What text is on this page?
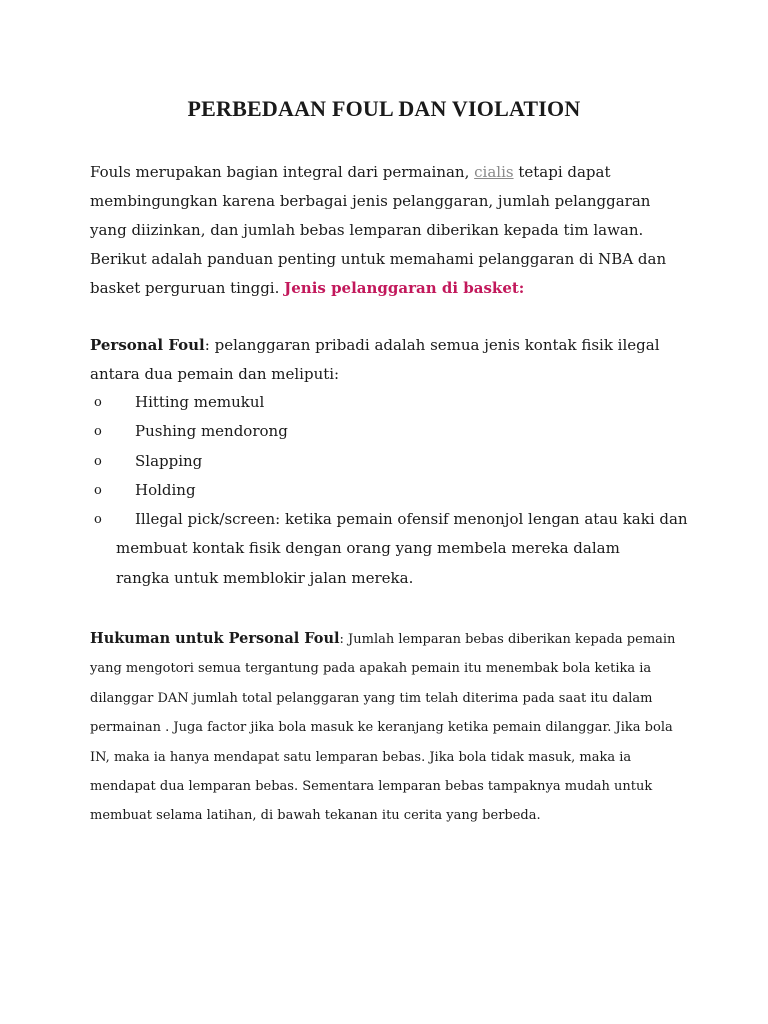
PERBEDAAN FOUL DAN VIOLATION

Fouls merupakan bagian integral dari permainan, cialis tetapi dapat membingungkan karena berbagai jenis pelanggaran, jumlah pelanggaran yang diizinkan, dan jumlah bebas lemparan diberikan kepada tim lawan. Berikut adalah panduan penting untuk memahami pelanggaran di NBA dan basket perguruan tinggi. Jenis pelanggaran di basket:

Personal Foul: pelanggaran pribadi adalah semua jenis kontak fisik ilegal antara dua pemain dan meliputi:

o Hitting memukul
o Pushing mendorong
o Slapping
o Holding
o Illegal pick/screen: ketika pemain ofensif menonjol lengan atau kaki dan

membuat kontak fisik dengan orang yang membela mereka dalam rangka untuk memblokir jalan mereka.

Hukuman untuk Personal Foul: Jumlah lemparan bebas diberikan kepada pemain yang mengotori semua tergantung pada apakah pemain itu menembak bola ketika ia dilanggar DAN jumlah total pelanggaran yang tim telah diterima pada saat itu dalam permainan . Juga factor jika bola masuk ke keranjang ketika pemain dilanggar. Jika bola IN, maka ia hanya mendapat satu lemparan bebas. Jika bola tidak masuk, maka ia mendapat dua lemparan bebas. Sementara lemparan bebas tampaknya mudah untuk membuat selama latihan, di bawah tekanan itu cerita yang berbeda.
